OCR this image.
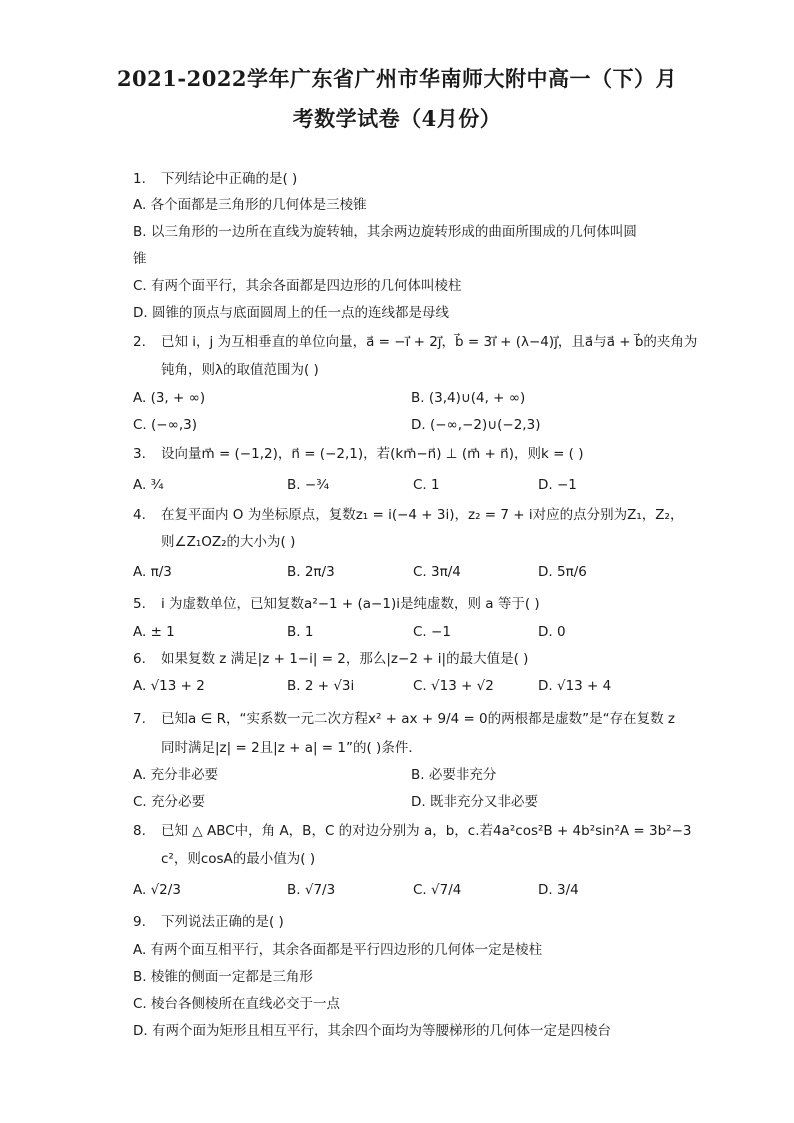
2021-2022学年广东省广州市华南师大附中高一（下）月
考数学试卷（4月份）
1. 下列结论中正确的是( )
A. 各个面都是三角形的几何体是三棱锥
B. 以三角形的一边所在直线为旋转轴，其余两边旋转形成的曲面所围成的几何体叫圆
锥
C. 有两个面平行，其余各面都是四边形的几何体叫棱柱
D. 圆锥的顶点与底面圆周上的任一点的连线都是母线
2. 已知 i，j 为互相垂直的单位向量，a⃗ = −i⃗ + 2j⃗，b⃗ = 3i⃗ + (λ−4)j⃗，且a⃗与a⃗ + b⃗的夹角为
钝角，则λ的取值范围为( )
A. (3, + ∞)	B. (3,4)∪(4, + ∞)
C. (−∞,3)	D. (−∞,−2)∪(−2,3)
3. 设向量m⃗ = (−1,2)，n⃗ = (−2,1)，若(km⃗−n⃗) ⊥ (m⃗ + n⃗)，则k = ( )
A. ¾	B. −¾	C. 1	D. −1
4. 在复平面内 O 为坐标原点，复数z₁ = i(−4 + 3i)，z₂ = 7 + i对应的点分别为Z₁，Z₂，
则∠Z₁OZ₂的大小为( )
A. π/3	B. 2π/3	C. 3π/4	D. 5π/6
5. i 为虚数单位，已知复数a²−1 + (a−1)i是纯虚数，则 a 等于( )
A. ± 1	B. 1	C. −1	D. 0
6. 如果复数 z 满足|z + 1−i| = 2，那么|z−2 + i|的最大值是( )
A. √13 + 2	B. 2 + √3i	C. √13 + √2	D. √13 + 4
7. 已知a ∈ R，“实系数一元二次方程x² + ax + 9/4 = 0的两根都是虚数”是“存在复数 z
同时满足|z| = 2且|z + a| = 1”的( )条件．
A. 充分非必要	B. 必要非充分
C. 充分必要	D. 既非充分又非必要
8. 已知 △ ABC中，角 A，B，C 的对边分别为 a，b，c.若4a²cos²B + 4b²sin²A = 3b²−3
c²，则cosA的最小值为( )
A. √2/3	B. √7/3	C. √7/4	D. 3/4
9. 下列说法正确的是( )
A. 有两个面互相平行，其余各面都是平行四边形的几何体一定是棱柱
B. 棱锥的侧面一定都是三角形
C. 棱台各侧棱所在直线必交于一点
D. 有两个面为矩形且相互平行，其余四个面均为等腰梯形的几何体一定是四棱台
